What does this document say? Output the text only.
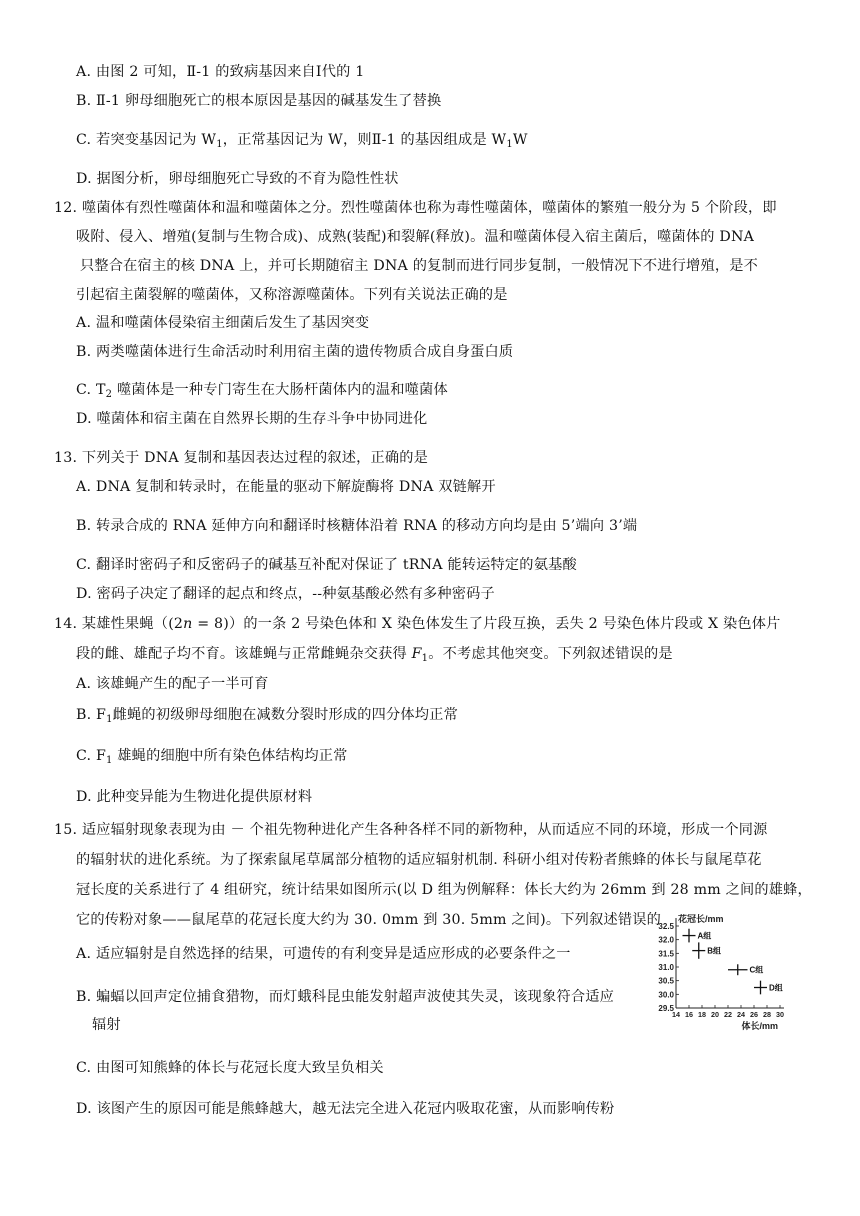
A. 由图 2 可知，Ⅱ-1 的致病基因来自Ⅰ代的 1
B. Ⅱ-1 卵母细胞死亡的根本原因是基因的碱基发生了替换
C. 若突变基因记为 $W_1$，正常基因记为 W，则Ⅱ-1 的基因组成是 $W_1W$
D. 据图分析，卵母细胞死亡导致的不育为隐性性状
12. 噬菌体有烈性噬菌体和温和噬菌体之分。烈性噬菌体也称为毒性噬菌体，噬菌体的繁殖一般分为 5 个阶段，即
吸附、侵入、增殖(复制与生物合成)、成熟(装配)和裂解(释放)。温和噬菌体侵入宿主菌后，噬菌体的 DNA
只整合在宿主的核 DNA 上，并可长期随宿主 DNA 的复制而进行同步复制，一般情况下不进行增殖，是不
引起宿主菌裂解的噬菌体，又称溶源噬菌体。下列有关说法正确的是
A. 温和噬菌体侵染宿主细菌后发生了基因突变
B. 两类噬菌体进行生命活动时利用宿主菌的遗传物质合成自身蛋白质
C. $T_2$ 噬菌体是一种专门寄生在大肠杆菌体内的温和噬菌体
D. 噬菌体和宿主菌在自然界长期的生存斗争中协同进化
13. 下列关于 DNA 复制和基因表达过程的叙述，正确的是
A. DNA 复制和转录时，在能量的驱动下解旋酶将 DNA 双链解开
B. 转录合成的 RNA 延伸方向和翻译时核糖体沿着 RNA 的移动方向均是由 5’端向 3’端
C. 翻译时密码子和反密码子的碱基互补配对保证了 tRNA 能转运特定的氨基酸
D. 密码子决定了翻译的起点和终点，--种氨基酸必然有多种密码子
14. 某雄性果蝇（(2n = 8)）的一条 2 号染色体和 X 染色体发生了片段互换，丢失 2 号染色体片段或 X 染色体片
段的雌、雄配子均不育。该雄蝇与正常雌蝇杂交获得 $F_1$。不考虑其他突变。下列叙述错误的是
A. 该雄蝇产生的配子一半可育
B. $F_1$雌蝇的初级卵母细胞在减数分裂时形成的四分体均正常
C. $F_1$ 雄蝇的细胞中所有染色体结构均正常
D. 此种变异能为生物进化提供原材料
15. 适应辐射现象表现为由 － 个祖先物种进化产生各种各样不同的新物种，从而适应不同的环境，形成一个同源
的辐射状的进化系统。为了探索鼠尾草属部分植物的适应辐射机制. 科研小组对传粉者熊蜂的体长与鼠尾草花
冠长度的关系进行了 4 组研究，统计结果如图所示(以 D 组为例解释：体长大约为 26mm 到 28 mm 之间的雄蜂，
它的传粉对象——鼠尾草的花冠长度大约为 30. 0mm 到 30. 5mm 之间)。下列叙述错误的
A. 适应辐射是自然选择的结果，可遗传的有利变异是适应形成的必要条件之一
B. 蝙蝠以回声定位捕食猎物，而灯蛾科昆虫能发射超声波使其失灵，该现象符合适应
辐射
C. 由图可知熊蜂的体长与花冠长度大致呈负相关
D. 该图产生的原因可能是熊蜂越大，越无法完全进入花冠内吸取花蜜，从而影响传粉
29.5
30.0
30.5
31.0
31.5
32.0
32.5
14 16 18 20 22 24 26 28 30
花冠长/mm
体长/mm
A组
B组
C组
D组
